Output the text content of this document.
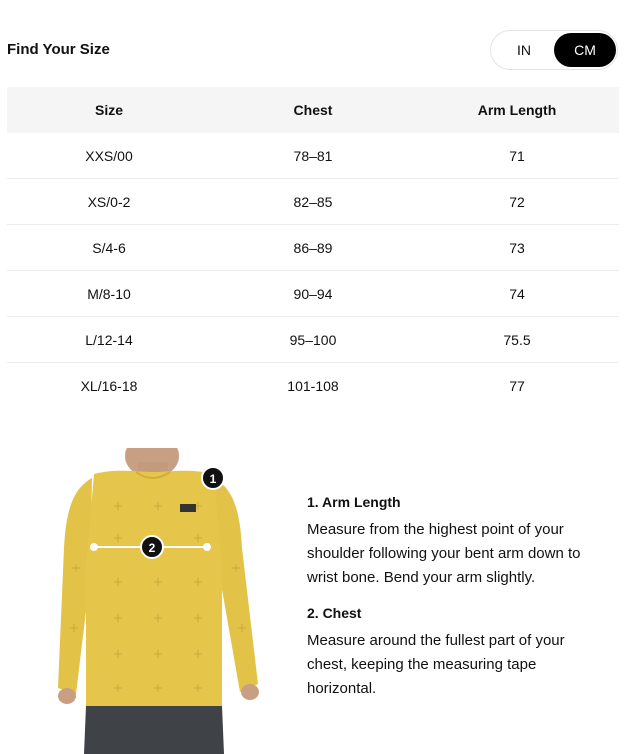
Find Your Size	IN	CM
Size	Chest	Arm Length
XXS/00	78–81	71
XS/0-2	82–85	72
S/4-6	86–89	73
M/8-10	90–94	74
L/12-14	95–100	75.5
XL/16-18	101-108	77
2
1
1. Arm Length
Measure from the highest point of your shoulder following your bent arm down to wrist bone. Bend your arm slightly.
2. Chest
Measure around the fullest part of your chest, keeping the measuring tape horizontal.
